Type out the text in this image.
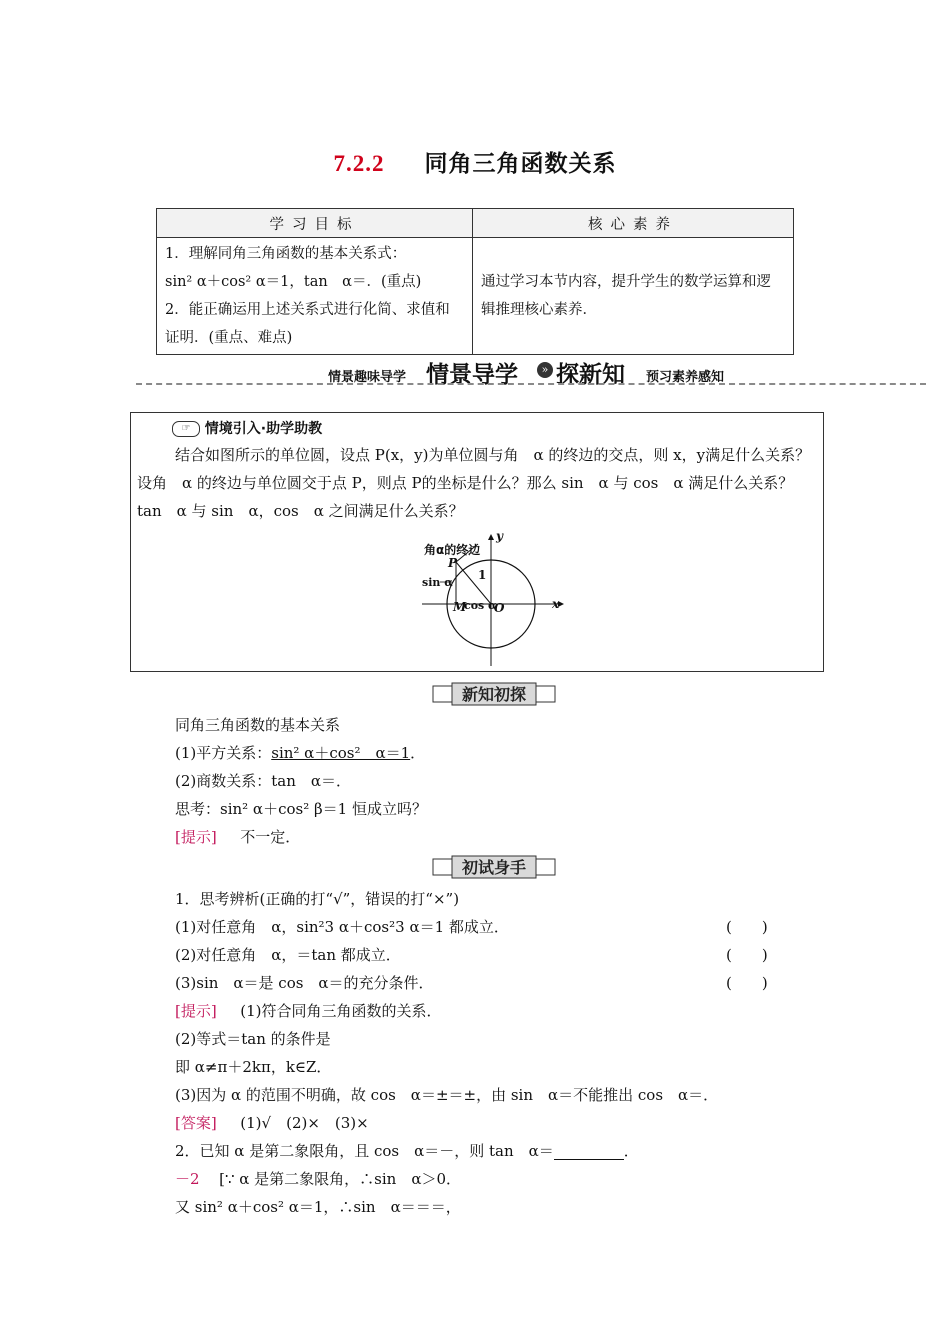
7.2.2 同角三角函数关系
学习目标	核心素养

1．理解同角三角函数的基本关系式：
sin² α＋cos² α＝1，tan　α＝．(重点)
2．能正确运用上述关系式进行化简、求值和证明．(重点、难点)	通过学习本节内容，提升学生的数学运算和逻辑推理核心素养．
情景趣味导学 情景导学	» 探新知 预习素养感知
☞ 情境引入·助学助教
结合如图所示的单位圆，设点 P(x，y)为单位圆与角　α 的终边的交点，则 x，y满足什么关系？设角　α 的终边与单位圆交于点 P，则点 P的坐标是什么？那么 sin　α 与 cos　α 满足什么关系？tan　α 与 sin　α，cos　α 之间满足什么关系？
角α的终边
y
x
P
1
sin α
M
cos α
O
新知初探
同角三角函数的基本关系
(1)平方关系：sin² α＋cos²　α＝1．
(2)商数关系：tan　α＝．
思考：sin² α＋cos² β＝1 恒成立吗？
[提示] 不一定．
初试身手
1．思考辨析(正确的打“√”，错误的打“×”)
(1)对任意角　α，sin²3 α＋cos²3 α＝1 都成立．	(　　)
(2)对任意角　α，＝tan 都成立．	(　　)
(3)sin　α＝是 cos　α＝的充分条件．	(　　)
[提示] (1)符合同角三角函数的关系．
(2)等式＝tan 的条件是
即 α≠π＋2kπ，k∈Z．
(3)因为 α 的范围不明确，故 cos　α＝±＝±，由 sin　α＝不能推出 cos　α＝．
[答案] (1)√　(2)×　(3)×
2．已知 α 是第二象限角，且 cos　α＝－，则 tan　α＝	．
－2 [∵ α 是第二象限角，∴sin　α＞0．
又 sin² α＋cos² α＝1，∴sin　α＝＝＝，
